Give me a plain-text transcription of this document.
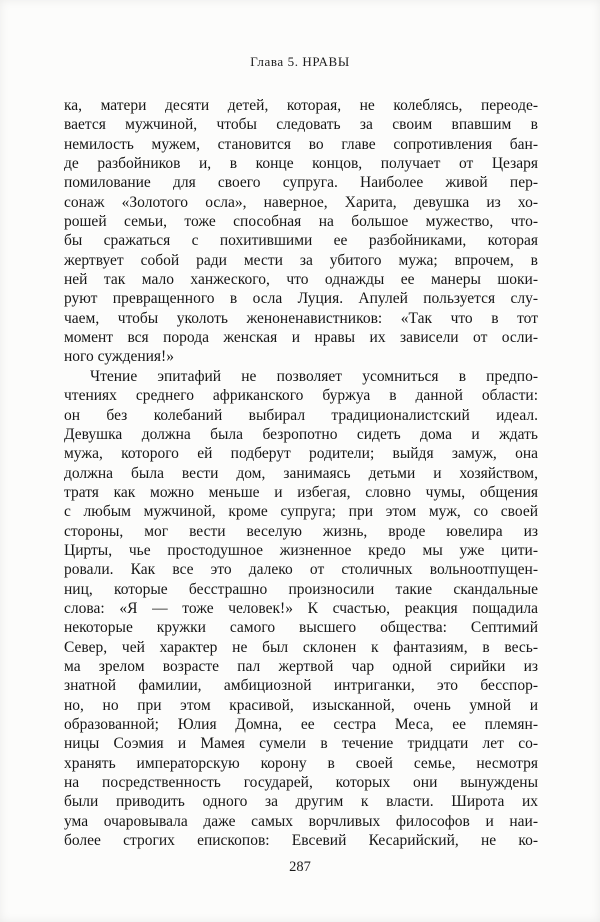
Глава 5. НРАВЫ
ка, матери десяти детей, которая, не колеблясь, переоде-
вается мужчиной, чтобы следовать за своим впавшим в
немилость мужем, становится во главе сопротивления бан-
де разбойников и, в конце концов, получает от Цезаря
помилование для своего супруга. Наиболее живой пер-
сонаж «Золотого осла», наверное, Харита, девушка из хо-
рошей семьи, тоже способная на большое мужество, что-
бы сражаться с похитившими ее разбойниками, которая
жертвует собой ради мести за убитого мужа; впрочем, в
ней так мало ханжеского, что однажды ее манеры шоки-
руют превращенного в осла Луция. Апулей пользуется слу-
чаем, чтобы уколоть женоненавистников: «Так что в тот
момент вся порода женская и нравы их зависели от осли-
ного суждения!»
Чтение эпитафий не позволяет усомниться в предпо-
чтениях среднего африканского буржуа в данной области:
он без колебаний выбирал традиционалистский идеал.
Девушка должна была безропотно сидеть дома и ждать
мужа, которого ей подберут родители; выйдя замуж, она
должна была вести дом, занимаясь детьми и хозяйством,
тратя как можно меньше и избегая, словно чумы, общения
с любым мужчиной, кроме супруга; при этом муж, со своей
стороны, мог вести веселую жизнь, вроде ювелира из
Цирты, чье простодушное жизненное кредо мы уже цити-
ровали. Как все это далеко от столичных вольноотпущен-
ниц, которые бесстрашно произносили такие скандальные
слова: «Я — тоже человек!» К счастью, реакция пощадила
некоторые кружки самого высшего общества: Септимий
Север, чей характер не был склонен к фантазиям, в весь-
ма зрелом возрасте пал жертвой чар одной сирийки из
знатной фамилии, амбициозной интриганки, это бесспор-
но, но при этом красивой, изысканной, очень умной и
образованной; Юлия Домна, ее сестра Меса, ее племян-
ницы Соэмия и Мамея сумели в течение тридцати лет со-
хранять императорскую корону в своей семье, несмотря
на посредственность государей, которых они вынуждены
были приводить одного за другим к власти. Широта их
ума очаровывала даже самых ворчливых философов и наи-
более строгих епископов: Евсевий Кесарийский, не ко-
287
